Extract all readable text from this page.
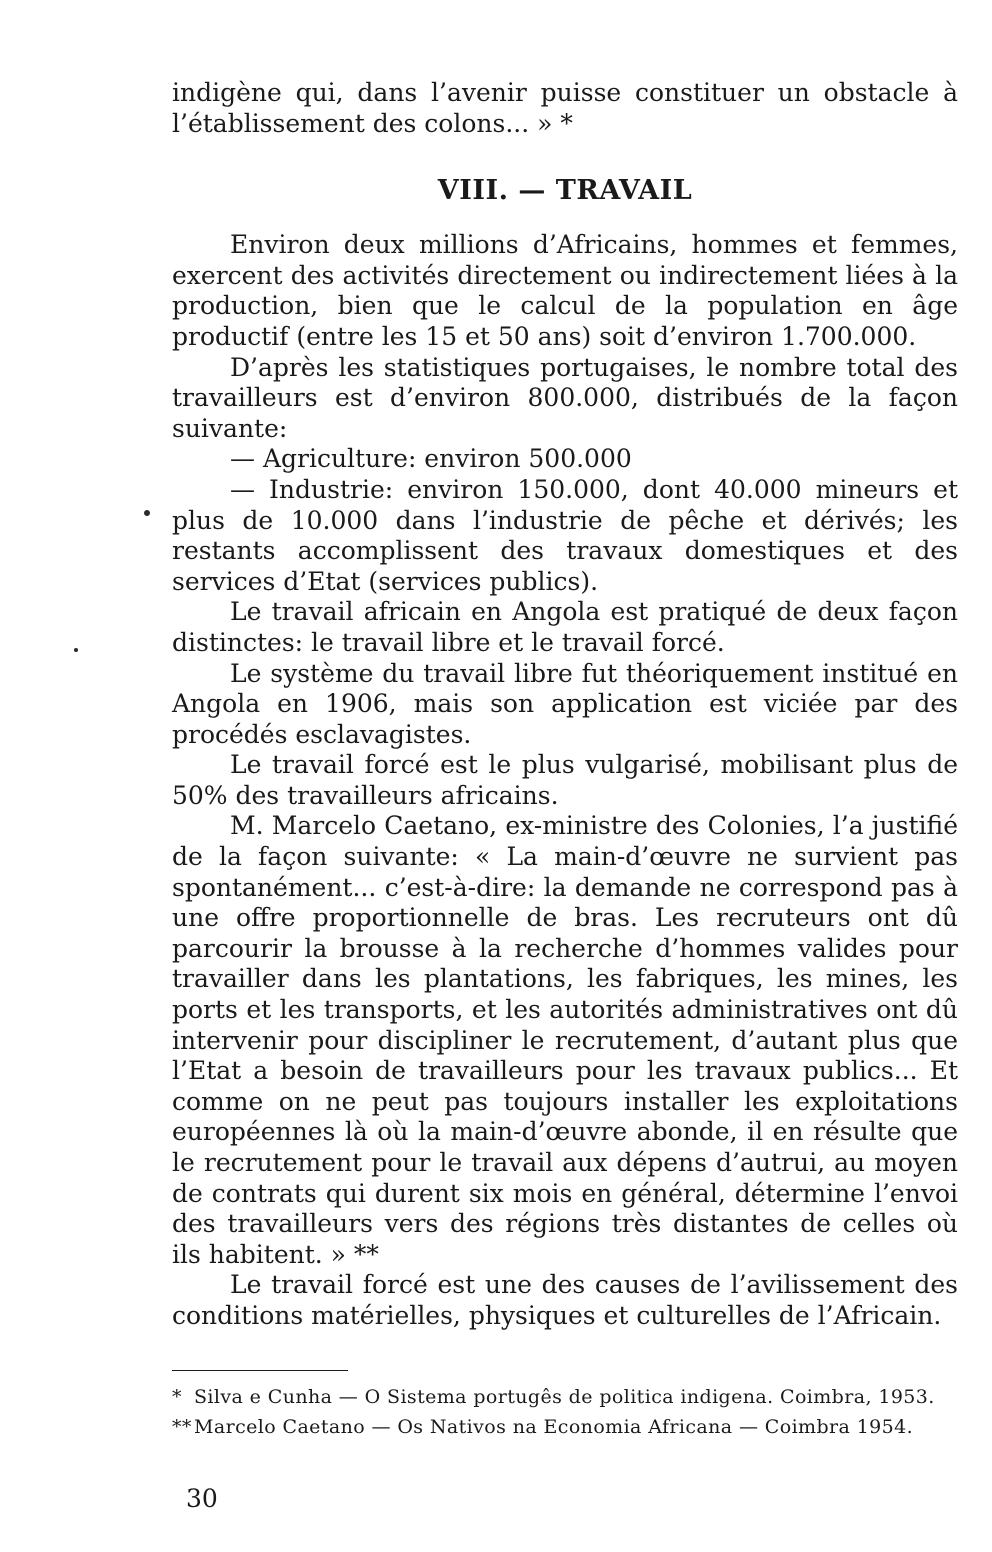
indigène qui, dans l’avenir puisse constituer un obstacle à l’établissement des colons... » *

VIII. — TRAVAIL

Environ deux millions d’Africains, hommes et femmes, exercent des activités directement ou indirectement liées à la production, bien que le calcul de la population en âge productif (entre les 15 et 50 ans) soit d’environ 1.700.000.

D’après les statistiques portugaises, le nombre total des travailleurs est d’environ 800.000, distribués de la façon suivante:

— Agriculture: environ 500.000

— Industrie: environ 150.000, dont 40.000 mineurs et plus de 10.000 dans l’industrie de pêche et dérivés; les restants accomplissent des travaux domestiques et des services d’Etat (services publics).

Le travail africain en Angola est pratiqué de deux façon distinctes: le travail libre et le travail forcé.

Le système du travail libre fut théoriquement institué en Angola en 1906, mais son application est viciée par des procédés esclavagistes.

Le travail forcé est le plus vulgarisé, mobilisant plus de 50% des travailleurs africains.

M. Marcelo Caetano, ex-ministre des Colonies, l’a justifié de la façon suivante: « La main-d’œuvre ne survient pas spontanément... c’est-à-dire: la demande ne correspond pas à une offre proportionnelle de bras. Les recruteurs ont dû parcourir la brousse à la recherche d’hommes valides pour travailler dans les plantations, les fabriques, les mines, les ports et les transports, et les autorités administratives ont dû intervenir pour discipliner le recrutement, d’autant plus que l’Etat a besoin de travailleurs pour les travaux publics... Et comme on ne peut pas toujours installer les exploitations européennes là où la main-d’œuvre abonde, il en résulte que le recrutement pour le travail aux dépens d’autrui, au moyen de contrats qui durent six mois en général, détermine l’envoi des travailleurs vers des régions très distantes de celles où ils habitent. » **

Le travail forcé est une des causes de l’avilissement des conditions matérielles, physiques et culturelles de l’Africain.

* Silva e Cunha — O Sistema portugês de politica indigena. Coimbra, 1953.

** Marcelo Caetano — Os Nativos na Economia Africana — Coimbra 1954.

30
